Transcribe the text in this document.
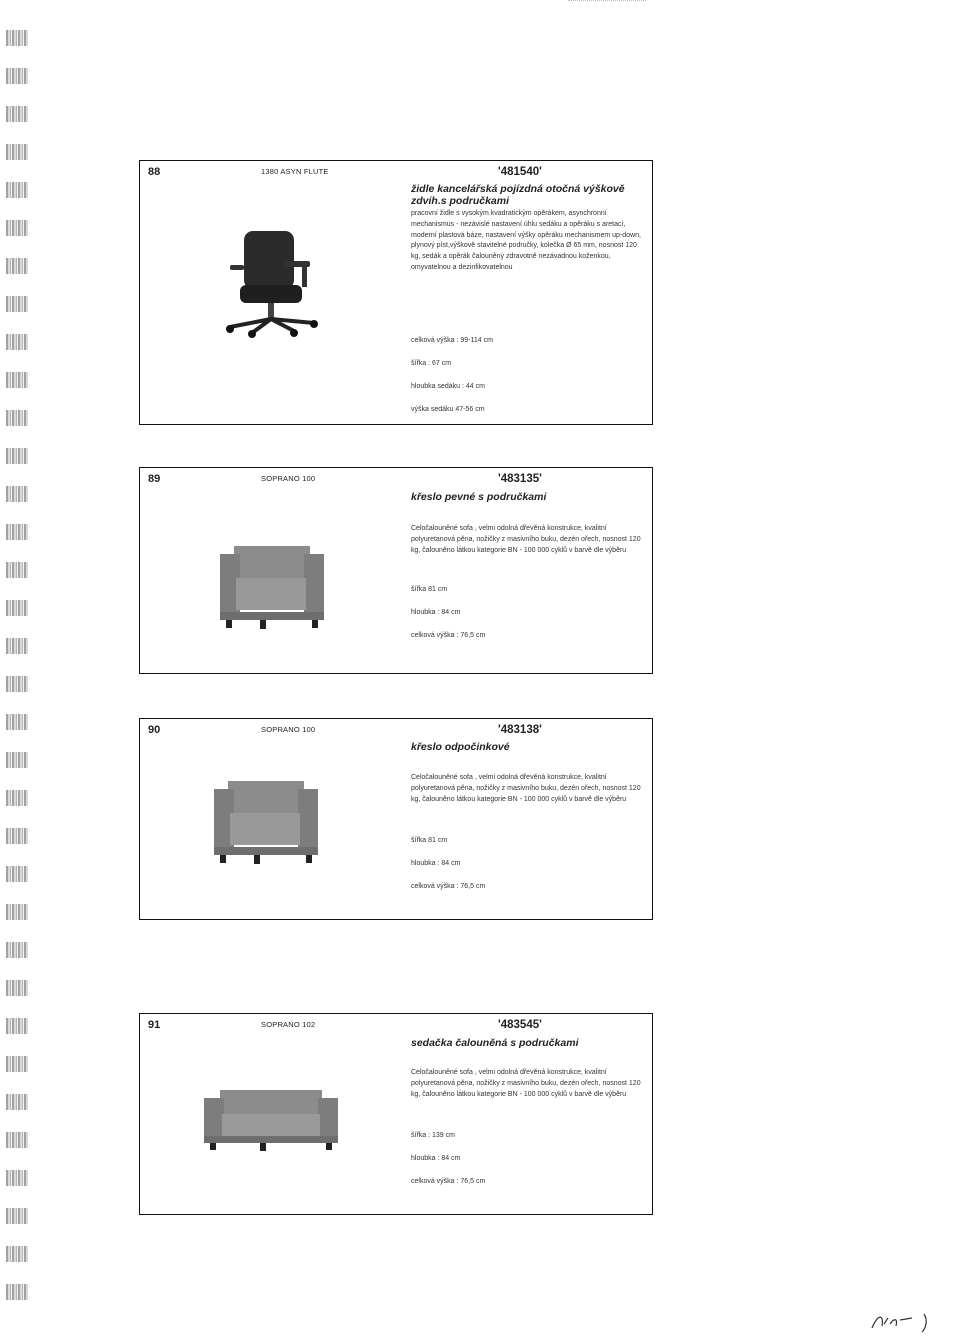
88	1380 ASYN FLUTE	'481540'
židle kancelářská pojízdná otočná výškově zdvih.s područkami
pracovní židle s vysokým kvadratickým opěrákem, asynchronní mechanismus - nezávislé nastavení úhlu sedáku a opěráku s aretací, moderní plastová báze, nastavení výšky opěráku mechanismem up-down, plynový píst,výškově stavitelné područky, kolečka Ø 65 mm, nosnost 120 kg, sedák a opěrák čalouněný zdravotně nezávadnou koženkou, omyvatelnou a dezinfikovatelnou
celková výška : 99-114 cm
šířka : 67 cm
hloubka sedáku : 44 cm
výška sedáku 47-56 cm
89	SOPRANO 100	'483135'
křeslo pevné s područkami
Celočalouněné sofa , velmi odolná dřevěná konstrukce, kvalitní polyuretanová pěna, nožičky z masivního buku, dezén ořech, nosnost 120 kg, čalouněno látkou kategorie BN - 100 000 cyklů v barvě dle výběru
šířka 81 cm
hloubka : 84 cm
celková výška : 76,5 cm
90	SOPRANO 100	'483138'
křeslo odpočinkové
Celočalouněné sofa , velmi odolná dřevěná konstrukce, kvalitní polyuretanová pěna, nožičky z masivního buku, dezén ořech, nosnost 120 kg, čalouněno látkou kategorie BN - 100 000 cyklů v barvě dle výběru
šířka 81 cm
hloubka : 84 cm
celková výška : 76,5 cm
91	SOPRANO 102	'483545'
sedačka čalouněná s područkami
Celočalouněné sofa , velmi odolná dřevěná konstrukce, kvalitní polyuretanová pěna, nožičky z masivního buku, dezén ořech, nosnost 120 kg, čalouněno látkou kategorie BN - 100 000 cyklů v barvě dle výběru
šířka : 139 cm
hloubka : 84 cm
celková výška : 76,5 cm
